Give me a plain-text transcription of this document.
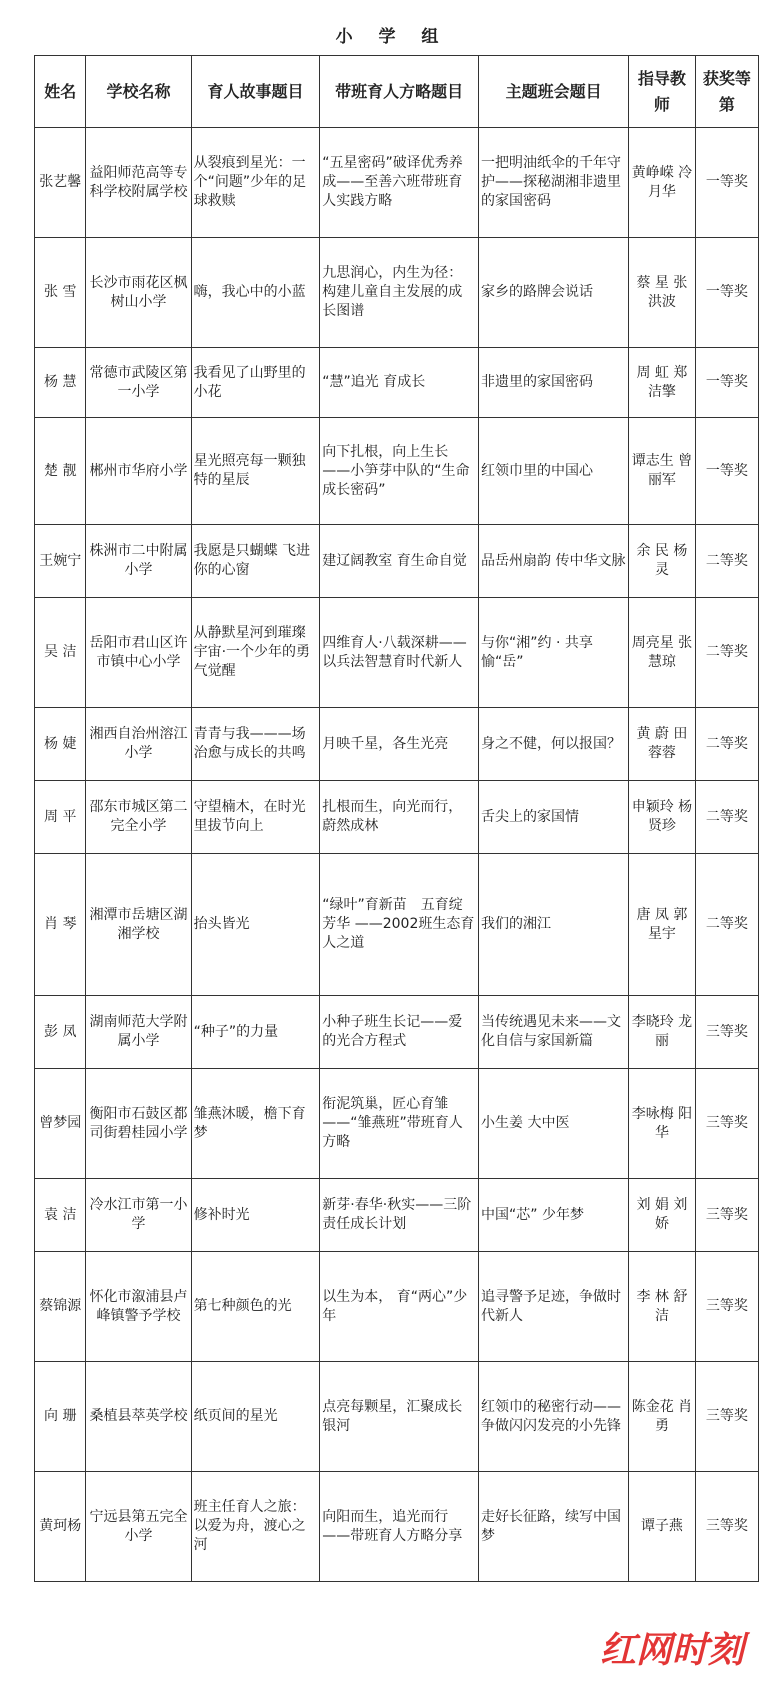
小 学 组
姓名	学校名称	育人故事题目	带班育人方略题目	主题班会题目	指导教师	获奖等第
张艺馨	益阳师范高等专科学校附属学校	从裂痕到星光：一个“问题”少年的足球救赎	“五星密码”破译优秀养成——至善六班带班育人实践方略	一把明油纸伞的千年守护——探秘湖湘非遗里的家国密码	黄峥嵘 冷月华	一等奖
张 雪	长沙市雨花区枫树山小学	嗨，我心中的小蓝	九思润心，内生为径：构建儿童自主发展的成长图谱	家乡的路牌会说话	蔡 星 张洪波	一等奖
杨 慧	常德市武陵区第一小学	我看见了山野里的小花	“慧”追光 育成长	非遗里的家国密码	周 虹 郑洁擎	一等奖
楚 靓	郴州市华府小学	星光照亮每一颗独特的星辰	向下扎根，向上生长——小笋芽中队的“生命成长密码”	红领巾里的中国心	谭志生 曾丽军	一等奖
王婉宁	株洲市二中附属小学	我愿是只蝴蝶 飞进你的心窗	建辽阔教室 育生命自觉	品岳州扇韵 传中华文脉	余 民 杨 灵	二等奖
吴 洁	岳阳市君山区许市镇中心小学	从静默星河到璀璨宇宙·一个少年的勇气觉醒	四维育人·八载深耕—— 以兵法智慧育时代新人	与你“湘”约 · 共享愉“岳”	周亮星 张慧琼	二等奖
杨 婕	湘西自治州溶江小学	青青与我———场治愈与成长的共鸣	月映千星，各生光亮	身之不健，何以报国？	黄 蔚 田蓉蓉	二等奖
周 平	邵东市城区第二完全小学	守望楠木，在时光里拔节向上	扎根而生，向光而行，蔚然成林	舌尖上的家国情	申颖玲 杨贤珍	二等奖
肖 琴	湘潭市岳塘区湖湘学校	抬头皆光	“绿叶”育新苗　五育绽芳华 ——2002班生态育人之道	我们的湘江	唐 凤 郭星宇	二等奖
彭 凤	湖南师范大学附属小学	“种子”的力量	小种子班生长记——爱的光合方程式	当传统遇见未来——文化自信与家国新篇	李晓玲 龙 丽	三等奖
曾梦园	衡阳市石鼓区都司街碧桂园小学	雏燕沐暖，檐下育梦	衔泥筑巢，匠心育雏——“雏燕班”带班育人方略	小生姜 大中医	李咏梅 阳 华	三等奖
袁 洁	冷水江市第一小学	修补时光	新芽·春华·秋实——三阶责任成长计划	中国“芯” 少年梦	刘 娟 刘 娇	三等奖
蔡锦源	怀化市溆浦县卢峰镇警予学校	第七种颜色的光	以生为本， 育“两心”少年	追寻警予足迹，争做时代新人	李 林 舒 洁	三等奖
向 珊	桑植县萃英学校	纸页间的星光	点亮每颗星，汇聚成长银河	红领巾的秘密行动——争做闪闪发亮的小先锋	陈金花 肖 勇	三等奖
黄珂杨	宁远县第五完全小学	班主任育人之旅：以爱为舟，渡心之河	向阳而生，追光而行——带班育人方略分享	走好长征路，续写中国梦	谭子燕	三等奖
红网时刻
